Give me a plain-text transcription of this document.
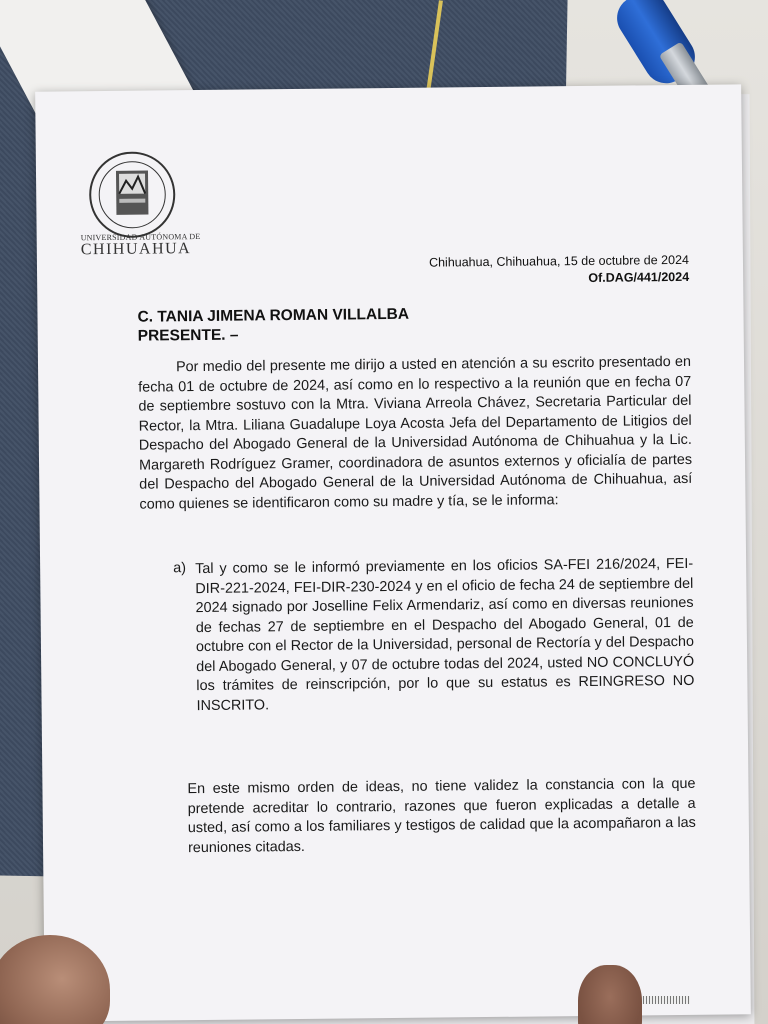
UNIVERSIDAD AUTÓNOMA DE
CHIHUAHUA
Chihuahua, Chihuahua, 15 de octubre de 2024
Of.DAG/441/2024
C. TANIA JIMENA ROMAN VILLALBA
PRESENTE. –
Por medio del presente me dirijo a usted en atención a su escrito presentado en fecha 01 de octubre de 2024, así como en lo respectivo a la reunión que en fecha 07 de septiembre sostuvo con la Mtra. Viviana Arreola Chávez, Secretaria Particular del Rector, la Mtra. Liliana Guadalupe Loya Acosta Jefa del Departamento de Litigios del Despacho del Abogado General de la Universidad Autónoma de Chihuahua y la Lic. Margareth Rodríguez Gramer, coordinadora de asuntos externos y oficialía de partes del Despacho del Abogado General de la Universidad Autónoma de Chihuahua, así como quienes se identificaron como su madre y tía, se le informa:
a) Tal y como se le informó previamente en los oficios SA-FEI 216/2024, FEI-DIR-221-2024, FEI-DIR-230-2024 y en el oficio de fecha 24 de septiembre del 2024 signado por Joselline Felix Armendariz, así como en diversas reuniones de fechas 27 de septiembre en el Despacho del Abogado General, 01 de octubre con el Rector de la Universidad, personal de Rectoría y del Despacho del Abogado General, y 07 de octubre todas del 2024, usted NO CONCLUYÓ los trámites de reinscripción, por lo que su estatus es REINGRESO NO INSCRITO.
En este mismo orden de ideas, no tiene validez la constancia con la que pretende acreditar lo contrario, razones que fueron explicadas a detalle a usted, así como a los familiares y testigos de calidad que la acompañaron a las reuniones citadas.
